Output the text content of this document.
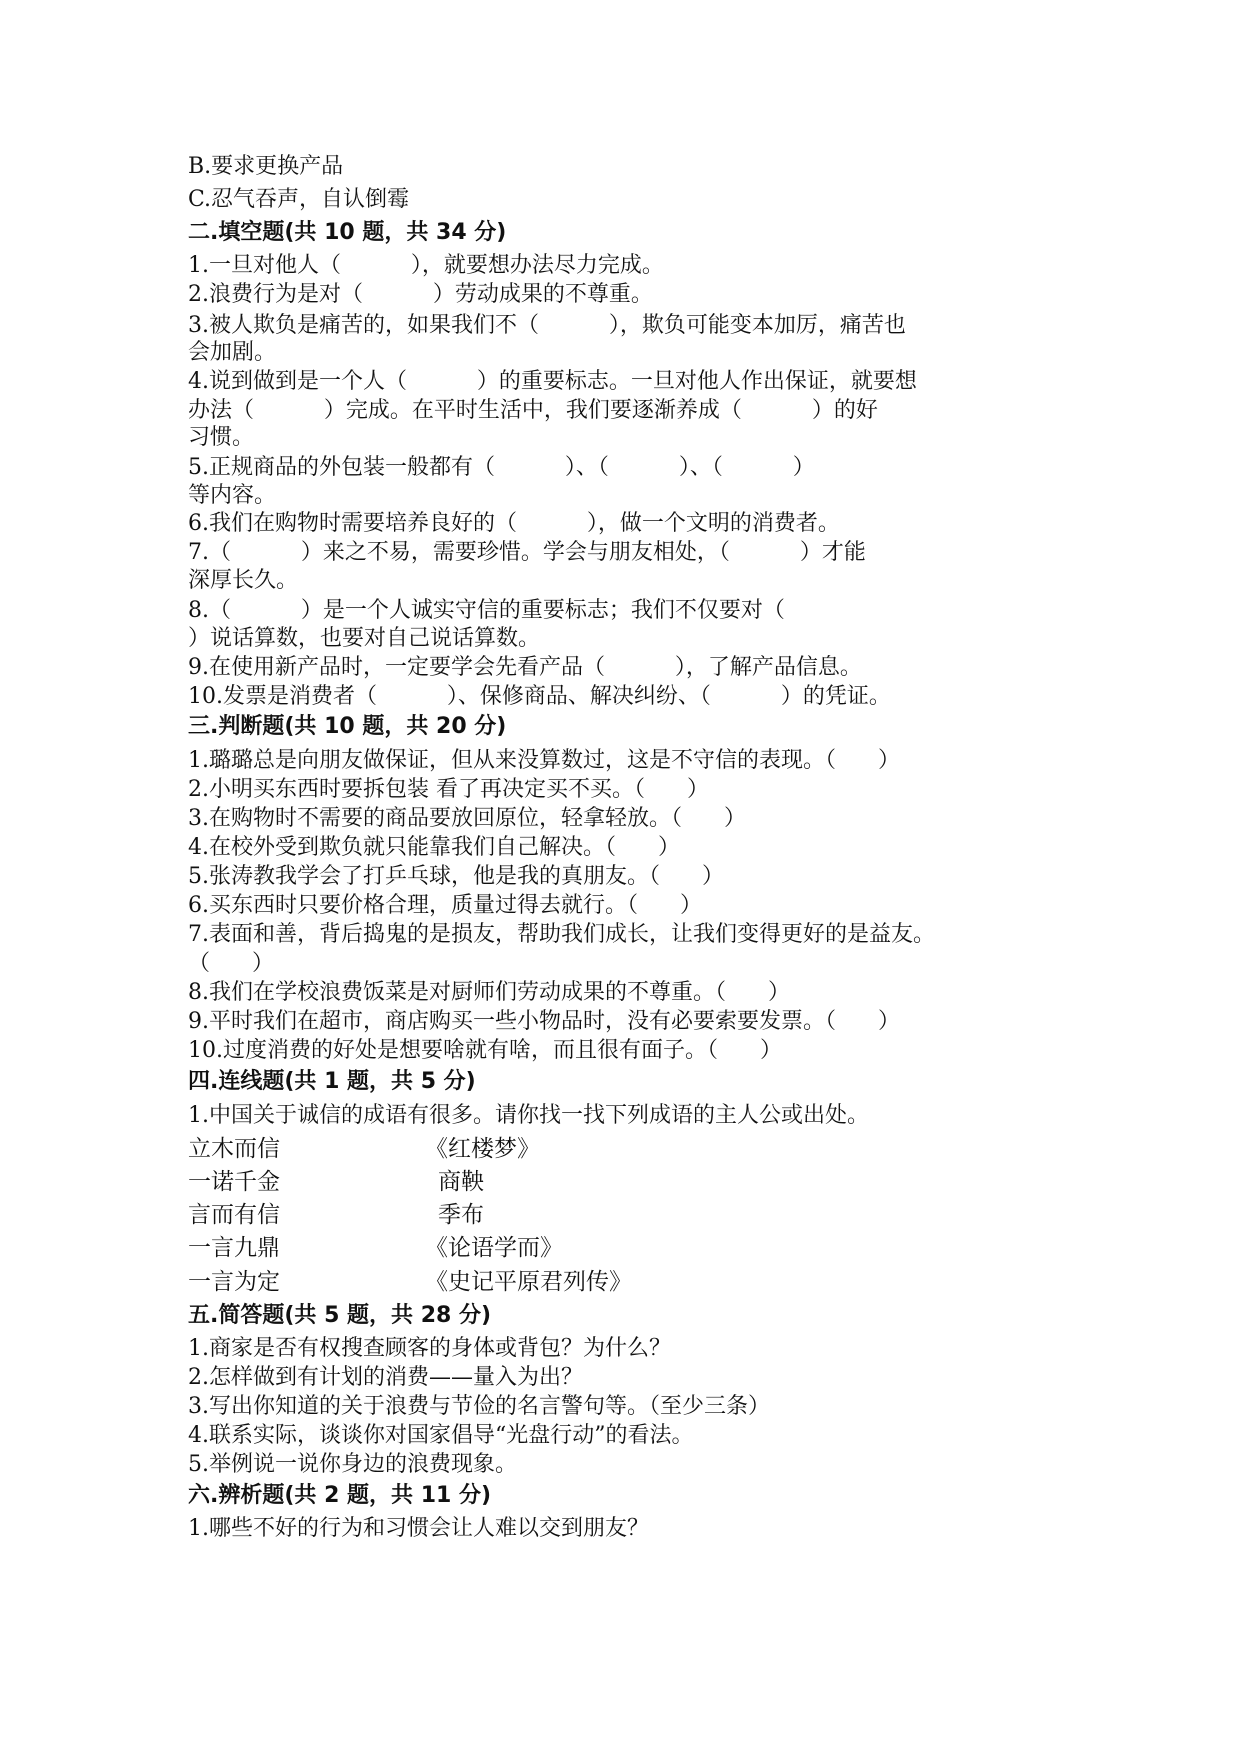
B.要求更换产品
C.忍气吞声，自认倒霉
二.填空题(共 10 题，共 34 分)
1.一旦对他人（          ），就要想办法尽力完成。
2.浪费行为是对（          ）劳动成果的不尊重。
3.被人欺负是痛苦的，如果我们不（          ），欺负可能变本加厉，痛苦也
会加剧。
4.说到做到是一个人（          ）的重要标志。一旦对他人作出保证，就要想
办法（          ）完成。在平时生活中，我们要逐渐养成（          ）的好
习惯。
5.正规商品的外包装一般都有（          ）、（          ）、（          ）
等内容。
6.我们在购物时需要培养良好的（          ），做一个文明的消费者。
7.（          ）来之不易，需要珍惜。学会与朋友相处，（          ）才能
深厚长久。
8.（          ）是一个人诚实守信的重要标志；我们不仅要对（
）说话算数，也要对自己说话算数。
9.在使用新产品时，一定要学会先看产品（          ），了解产品信息。
10.发票是消费者（          ）、保修商品、解决纠纷、（          ）的凭证。
三.判断题(共 10 题，共 20 分)
1.璐璐总是向朋友做保证，但从来没算数过，这是不守信的表现。（      ）
2.小明买东西时要拆包装 看了再决定买不买。（      ）
3.在购物时不需要的商品要放回原位，轻拿轻放。（      ）
4.在校外受到欺负就只能靠我们自己解决。（      ）
5.张涛教我学会了打乒乓球，他是我的真朋友。（      ）
6.买东西时只要价格合理，质量过得去就行。（      ）
7.表面和善，背后捣鬼的是损友，帮助我们成长，让我们变得更好的是益友。
（      ）
8.我们在学校浪费饭菜是对厨师们劳动成果的不尊重。（      ）
9.平时我们在超市，商店购买一些小物品时，没有必要索要发票。（      ）
10.过度消费的好处是想要啥就有啥，而且很有面子。（      ）
四.连线题(共 1 题，共 5 分)
1.中国关于诚信的成语有很多。请你找一找下列成语的主人公或出处。
立木而信	《红楼梦》
一诺千金	商鞅
言而有信	季布
一言九鼎	《论语学而》
一言为定	《史记平原君列传》
五.简答题(共 5 题，共 28 分)
1.商家是否有权搜查顾客的身体或背包？为什么？
2.怎样做到有计划的消费——量入为出？
3.写出你知道的关于浪费与节俭的名言警句等。（至少三条）
4.联系实际，谈谈你对国家倡导“光盘行动”的看法。
5.举例说一说你身边的浪费现象。
六.辨析题(共 2 题，共 11 分)
1.哪些不好的行为和习惯会让人难以交到朋友？
